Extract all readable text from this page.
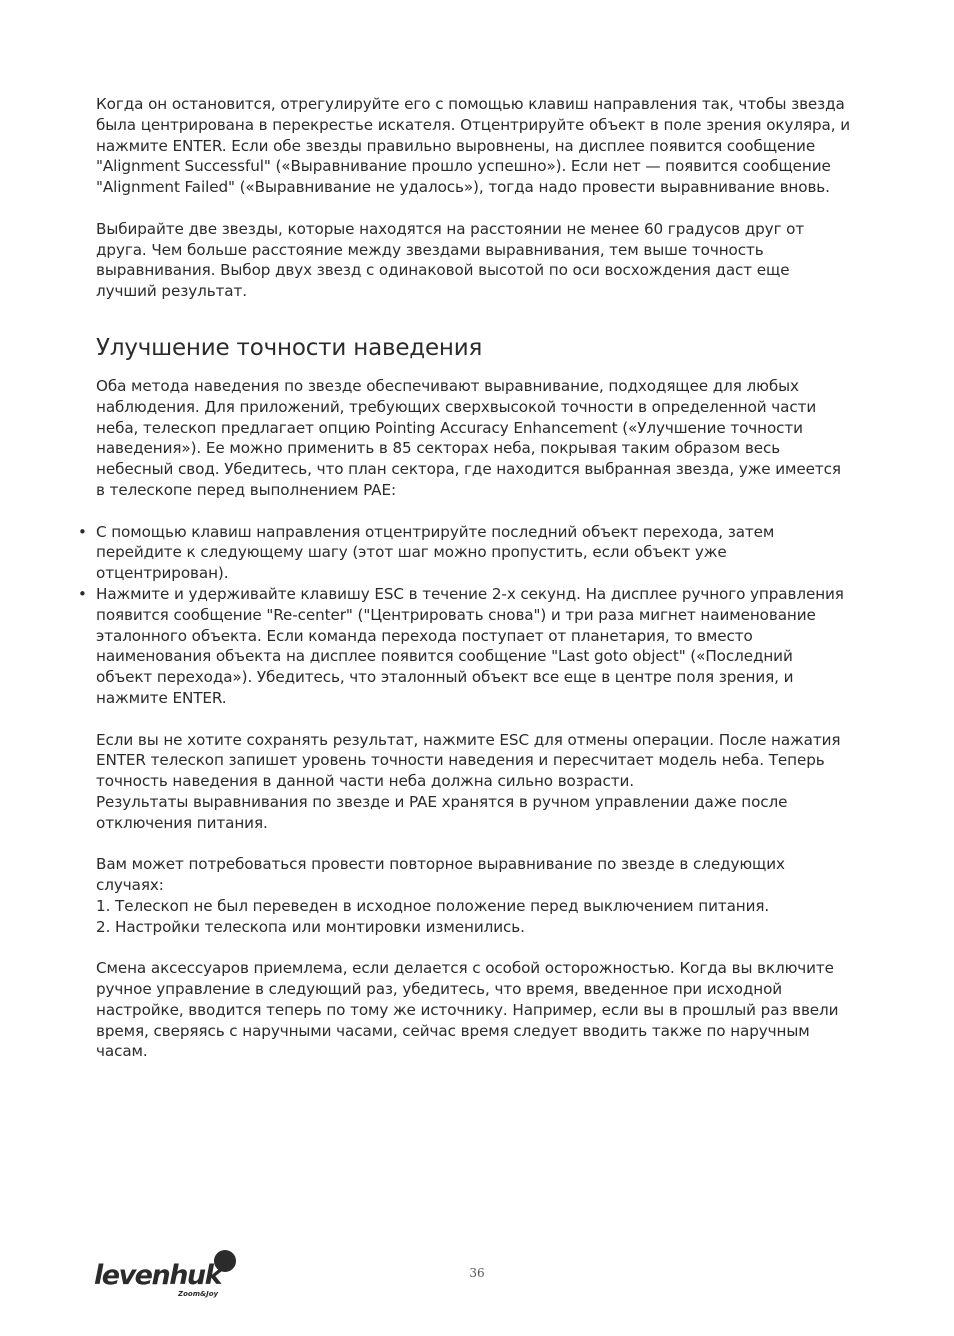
Когда он остановится, отрегулируйте его с помощью клавиш направления так, чтобы звезда
была центрирована в перекрестье искателя. Отцентрируйте объект в поле зрения окуляра, и
нажмите ENTER. Если обе звезды правильно выровнены, на дисплее появится сообщение
"Alignment Successful" («Выравнивание прошло успешно»). Если нет — появится сообщение
"Alignment Failed" («Выравнивание не удалось»), тогда надо провести выравнивание вновь.

Выбирайте две звезды, которые находятся на расстоянии не менее 60 градусов друг от
друга. Чем больше расстояние между звездами выравнивания, тем выше точность
выравнивания. Выбор двух звезд с одинаковой высотой по оси восхождения даст еще
лучший результат.

Улучшение точности наведения

Оба метода наведения по звезде обеспечивают выравнивание, подходящее для любых
наблюдения. Для приложений, требующих сверхвысокой точности в определенной части
неба, телескоп предлагает опцию Pointing Accuracy Enhancement («Улучшение точности
наведения»). Ее можно применить в 85 секторах неба, покрывая таким образом весь
небесный свод. Убедитесь, что план сектора, где находится выбранная звезда, уже имеется
в телескопе перед выполнением PAE:

• С помощью клавиш направления отцентрируйте последний объект перехода, затем
перейдите к следующему шагу (этот шаг можно пропустить, если объект уже
отцентрирован).
• Нажмите и удерживайте клавишу ESC в течение 2-х секунд. На дисплее ручного управления
появится сообщение "Re-center" ("Центрировать снова") и три раза мигнет наименование
эталонного объекта. Если команда перехода поступает от планетария, то вместо
наименования объекта на дисплее появится сообщение "Last goto object" («Последний
объект перехода»). Убедитесь, что эталонный объект все еще в центре поля зрения, и
нажмите ENTER.

Если вы не хотите сохранять результат, нажмите ESC для отмены операции. После нажатия
ENTER телескоп запишет уровень точности наведения и пересчитает модель неба. Теперь
точность наведения в данной части неба должна сильно возрасти.
Результаты выравнивания по звезде и PAE хранятся в ручном управлении даже после
отключения питания.

Вам может потребоваться провести повторное выравнивание по звезде в следующих
случаях:
1. Телескоп не был переведен в исходное положение перед выключением питания.
2. Настройки телескопа или монтировки изменились.

Смена аксессуаров приемлема, если делается с особой осторожностью. Когда вы включите
ручное управление в следующий раз, убедитесь, что время, введенное при исходной
настройке, вводится теперь по тому же источнику. Например, если вы в прошлый раз ввели
время, сверяясь с наручными часами, сейчас время следует вводить также по наручным
часам.

levenhuk
Zoom&Joy
36
